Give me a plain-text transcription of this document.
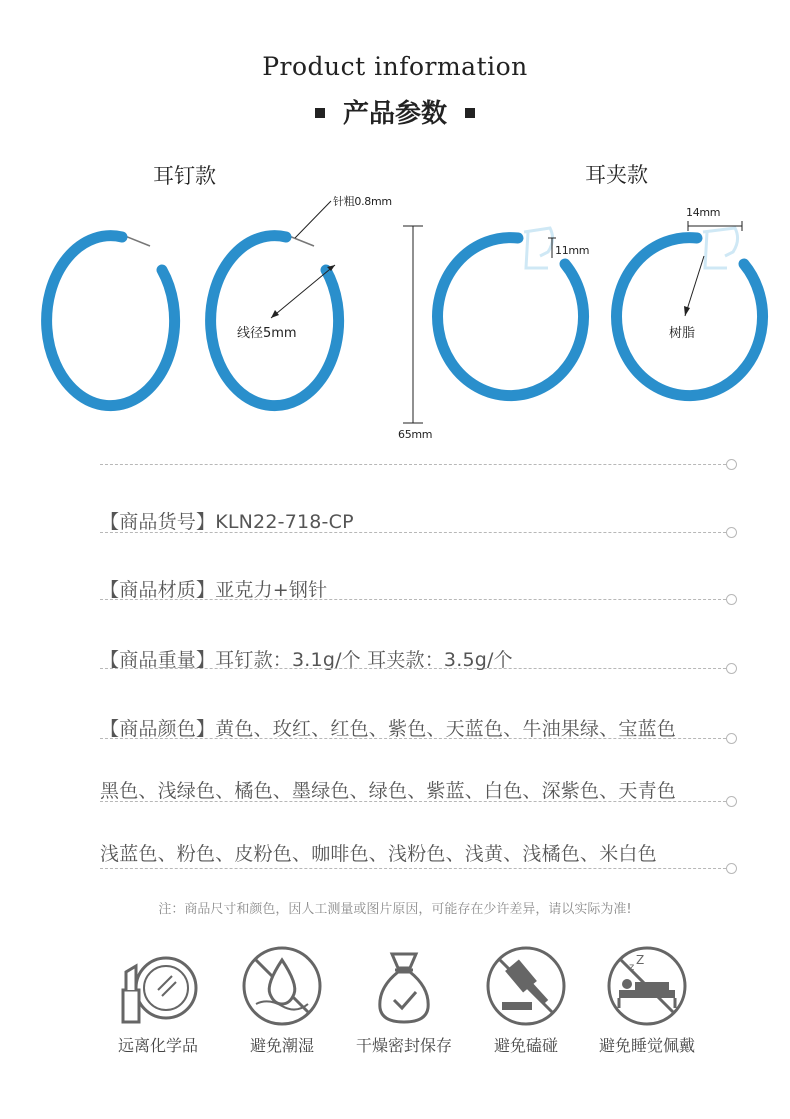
Product information
产品参数
耳钉款	耳夹款
针粗0.8mm
线径5mm
11mm
14mm
树脂
65mm
【商品货号】KLN22-718-CP
【商品材质】亚克力+钢针
【商品重量】耳钉款：3.1g/个 耳夹款：3.5g/个
【商品颜色】黄色、玫红、红色、紫色、天蓝色、牛油果绿、宝蓝色
黑色、浅绿色、橘色、墨绿色、绿色、紫蓝、白色、深紫色、天青色
浅蓝色、粉色、皮粉色、咖啡色、浅粉色、浅黄、浅橘色、米白色
注：商品尺寸和颜色，因人工测量或图片原因，可能存在少许差异，请以实际为准!
远离化学品	避免潮湿	干燥密封保存	避免磕碰
z
Z
避免睡觉佩戴
